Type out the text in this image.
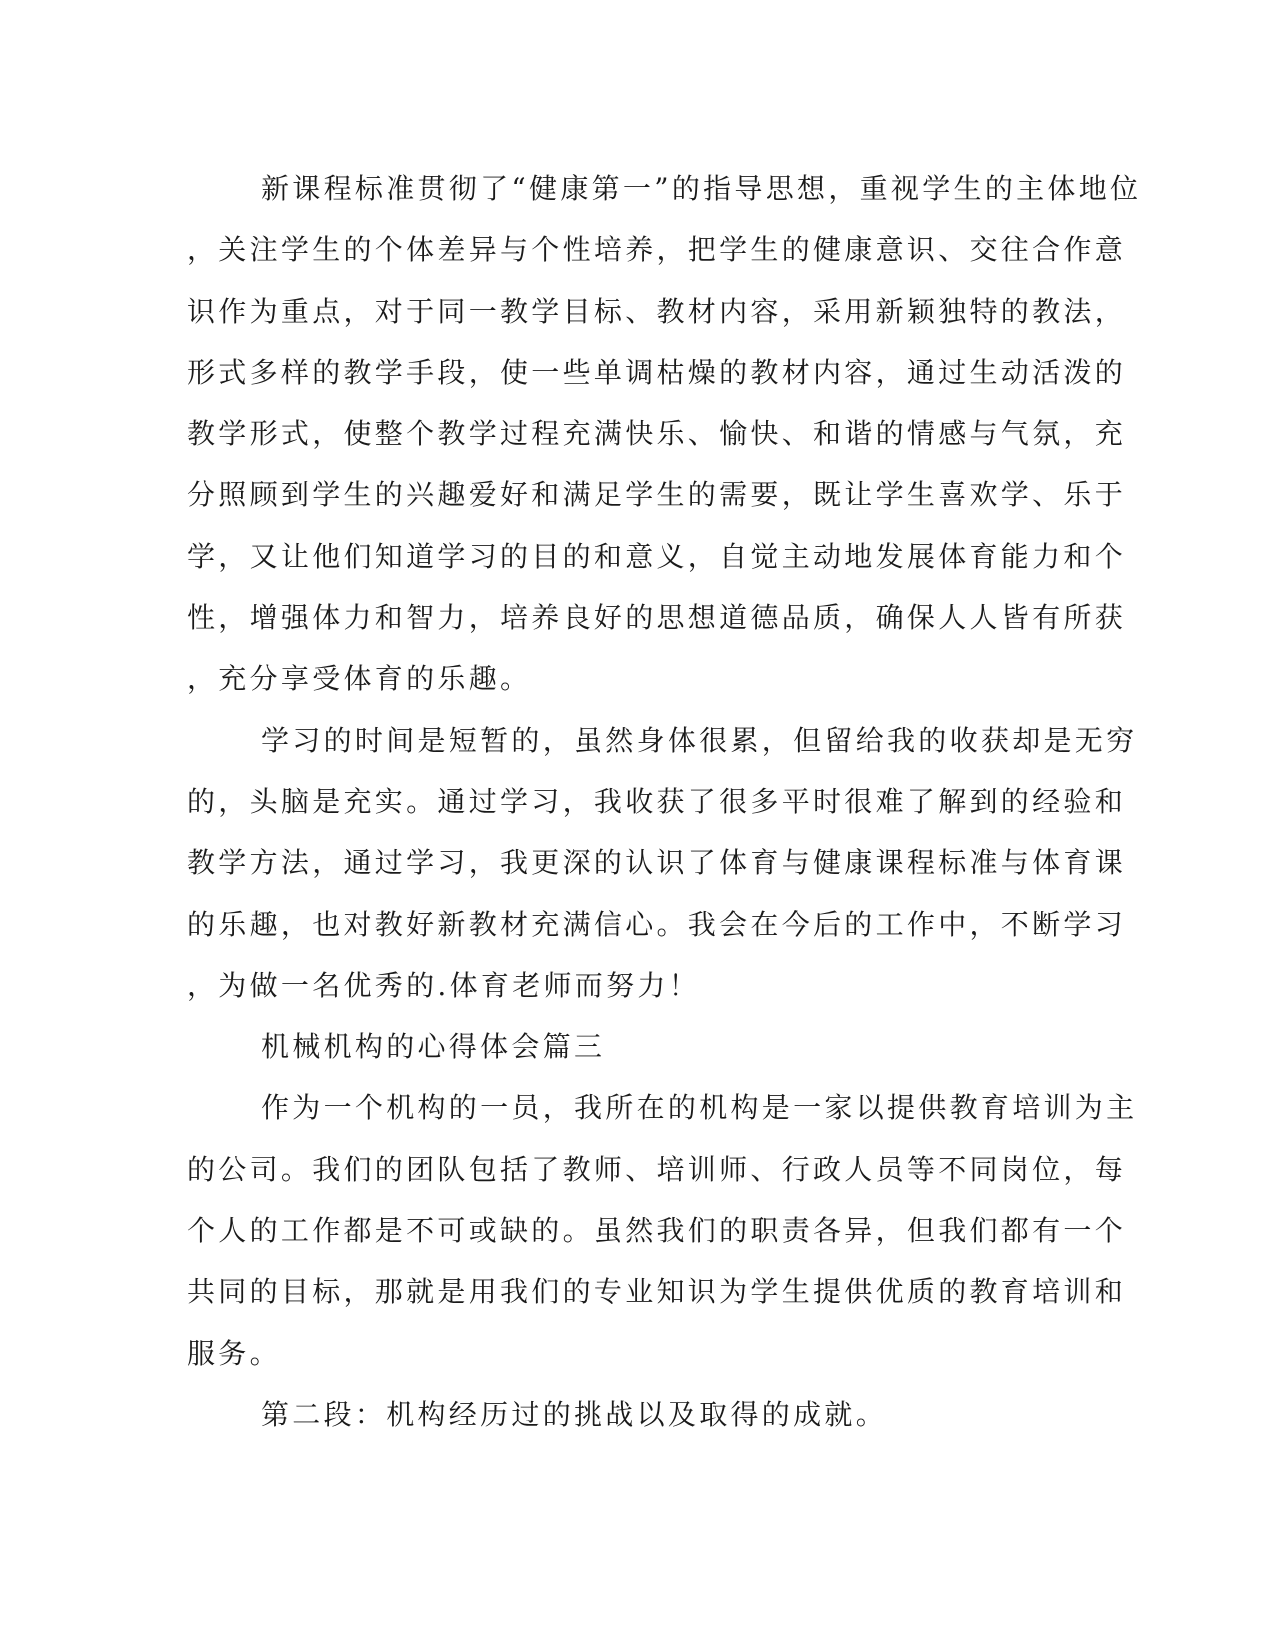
新课程标准贯彻了“健康第一”的指导思想，重视学生的主体地位
，关注学生的个体差异与个性培养，把学生的健康意识、交往合作意
识作为重点，对于同一教学目标、教材内容，采用新颖独特的教法，
形式多样的教学手段，使一些单调枯燥的教材内容，通过生动活泼的
教学形式，使整个教学过程充满快乐、愉快、和谐的情感与气氛，充
分照顾到学生的兴趣爱好和满足学生的需要，既让学生喜欢学、乐于
学，又让他们知道学习的目的和意义，自觉主动地发展体育能力和个
性，增强体力和智力，培养良好的思想道德品质，确保人人皆有所获
，充分享受体育的乐趣。
学习的时间是短暂的，虽然身体很累，但留给我的收获却是无穷
的，头脑是充实。通过学习，我收获了很多平时很难了解到的经验和
教学方法，通过学习，我更深的认识了体育与健康课程标准与体育课
的乐趣，也对教好新教材充满信心。我会在今后的工作中，不断学习
，为做一名优秀的.体育老师而努力！
机械机构的心得体会篇三
作为一个机构的一员，我所在的机构是一家以提供教育培训为主
的公司。我们的团队包括了教师、培训师、行政人员等不同岗位，每
个人的工作都是不可或缺的。虽然我们的职责各异，但我们都有一个
共同的目标，那就是用我们的专业知识为学生提供优质的教育培训和
服务。
第二段：机构经历过的挑战以及取得的成就。
